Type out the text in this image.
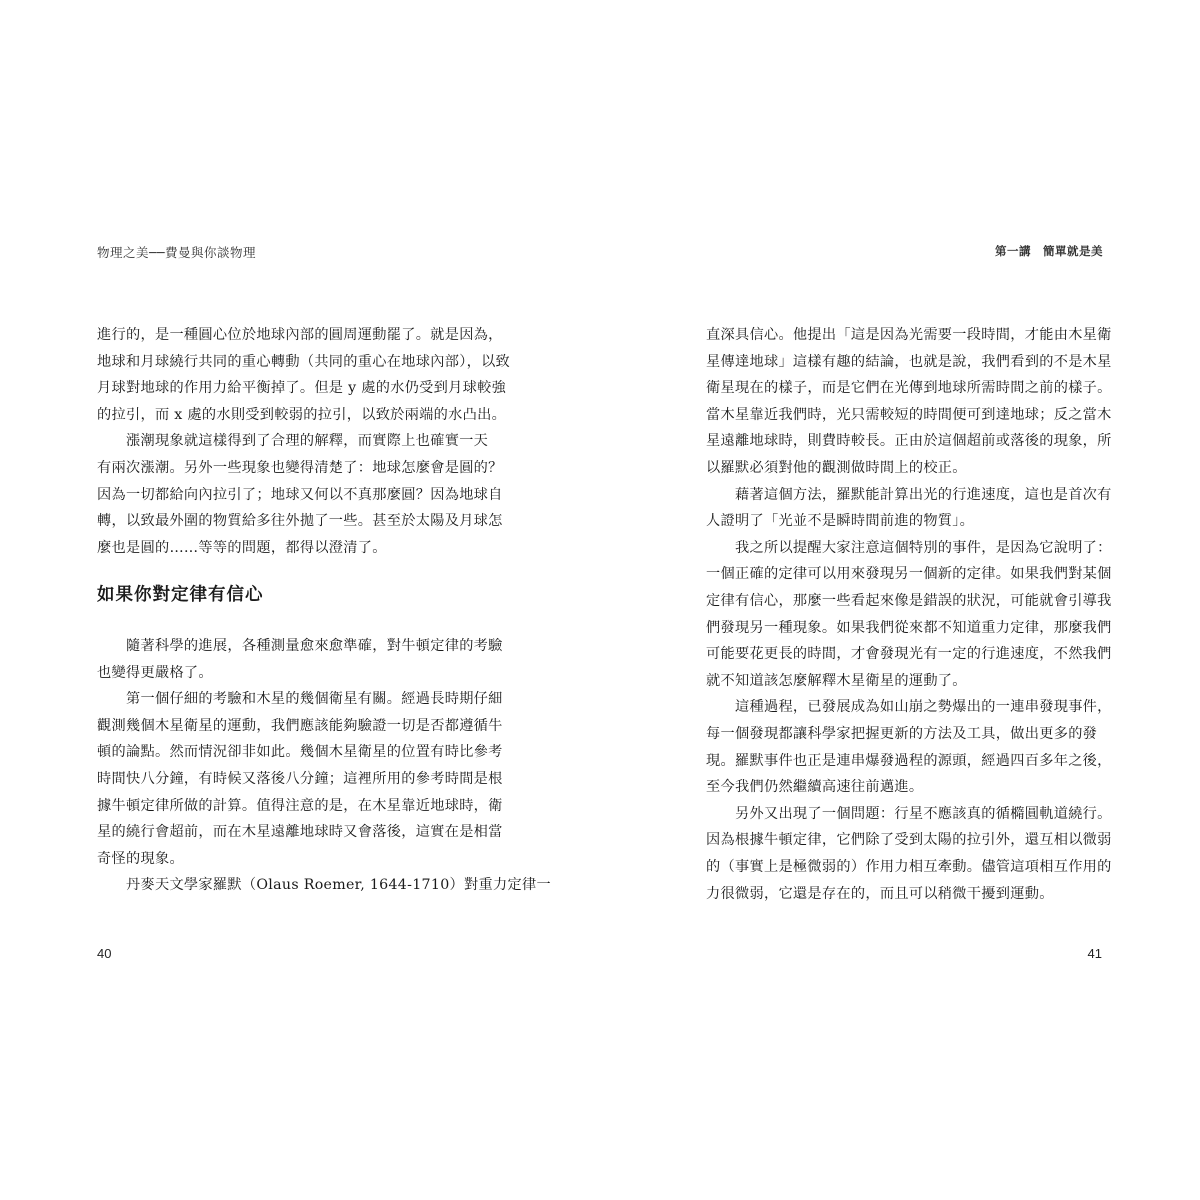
物理之美──費曼與你談物理
進行的，是一種圓心位於地球內部的圓周運動罷了。就是因為，
地球和月球繞行共同的重心轉動（共同的重心在地球內部），以致
月球對地球的作用力給平衡掉了。但是 y 處的水仍受到月球較強
的拉引，而 x 處的水則受到較弱的拉引，以致於兩端的水凸出。
　　漲潮現象就這樣得到了合理的解釋，而實際上也確實一天
有兩次漲潮。另外一些現象也變得清楚了：地球怎麼會是圓的？
因為一切都給向內拉引了；地球又何以不真那麼圓？因為地球自
轉，以致最外圍的物質給多往外拋了一些。甚至於太陽及月球怎
麼也是圓的……等等的問題，都得以澄清了。
如果你對定律有信心
　　隨著科學的進展，各種測量愈來愈準確，對牛頓定律的考驗
也變得更嚴格了。
　　第一個仔細的考驗和木星的幾個衛星有關。經過長時期仔細
觀測幾個木星衛星的運動，我們應該能夠驗證一切是否都遵循牛
頓的論點。然而情況卻非如此。幾個木星衛星的位置有時比參考
時間快八分鐘，有時候又落後八分鐘；這裡所用的參考時間是根
據牛頓定律所做的計算。值得注意的是，在木星靠近地球時，衛
星的繞行會超前，而在木星遠離地球時又會落後，這實在是相當
奇怪的現象。
　　丹麥天文學家羅默（Olaus Roemer, 1644-1710）對重力定律一
40
第一講　簡單就是美
直深具信心。他提出「這是因為光需要一段時間，才能由木星衛
星傳達地球」這樣有趣的結論，也就是說，我們看到的不是木星
衛星現在的樣子，而是它們在光傳到地球所需時間之前的樣子。
當木星靠近我們時，光只需較短的時間便可到達地球；反之當木
星遠離地球時，則費時較長。正由於這個超前或落後的現象，所
以羅默必須對他的觀測做時間上的校正。
　　藉著這個方法，羅默能計算出光的行進速度，這也是首次有
人證明了「光並不是瞬時間前進的物質」。
　　我之所以提醒大家注意這個特別的事件，是因為它說明了：
一個正確的定律可以用來發現另一個新的定律。如果我們對某個
定律有信心，那麼一些看起來像是錯誤的狀況，可能就會引導我
們發現另一種現象。如果我們從來都不知道重力定律，那麼我們
可能要花更長的時間，才會發現光有一定的行進速度，不然我們
就不知道該怎麼解釋木星衛星的運動了。
　　這種過程，已發展成為如山崩之勢爆出的一連串發現事件，
每一個發現都讓科學家把握更新的方法及工具，做出更多的發
現。羅默事件也正是連串爆發過程的源頭，經過四百多年之後，
至今我們仍然繼續高速往前邁進。
　　另外又出現了一個問題：行星不應該真的循橢圓軌道繞行。
因為根據牛頓定律，它們除了受到太陽的拉引外，還互相以微弱
的（事實上是極微弱的）作用力相互牽動。儘管這項相互作用的
力很微弱，它還是存在的，而且可以稍微干擾到運動。
41
